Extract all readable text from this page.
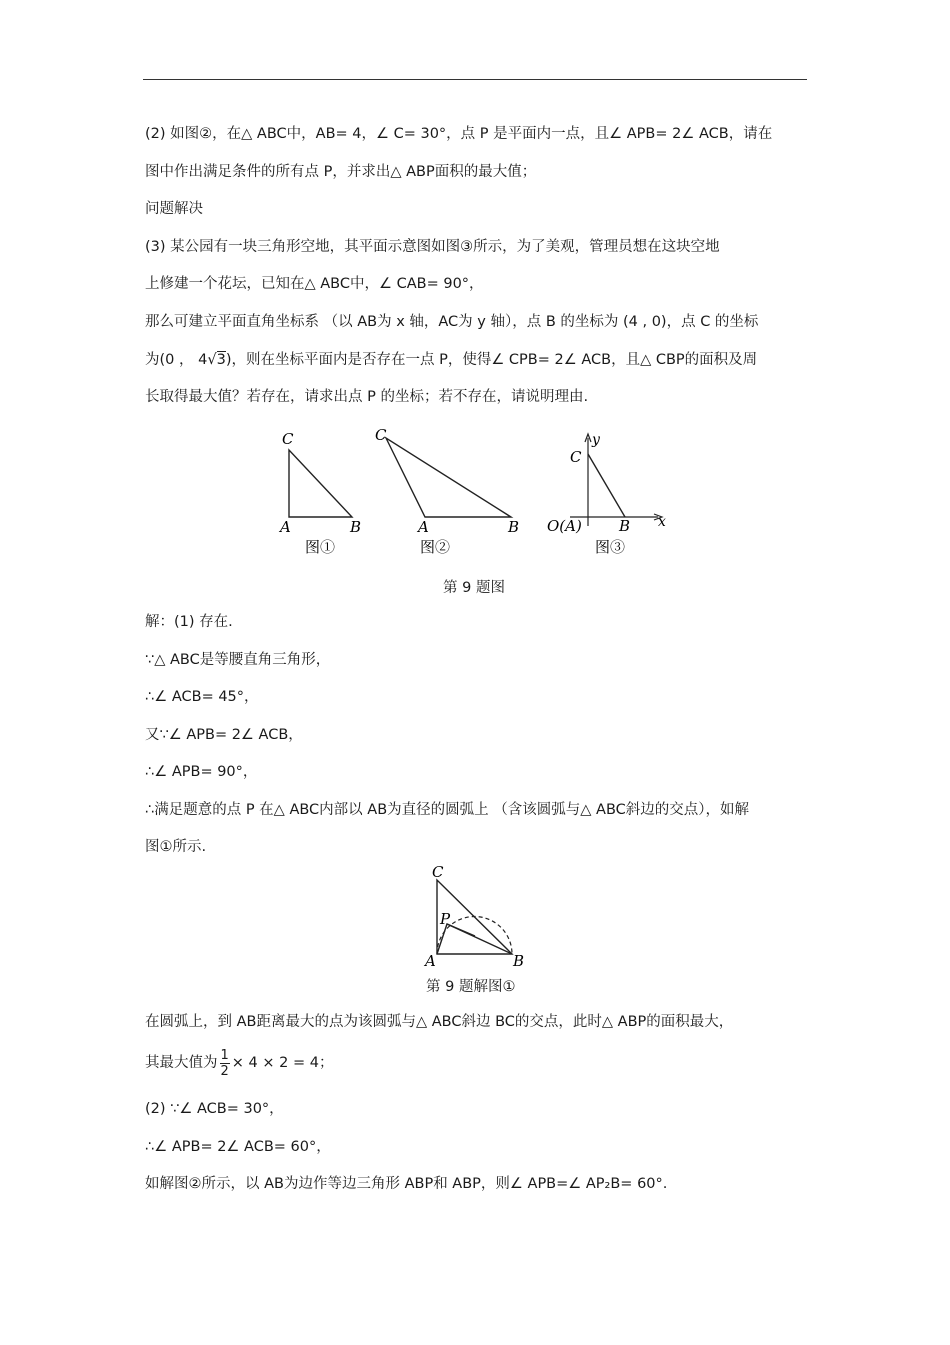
(2) 如图②，在△ ABC中，AB= 4，∠ C= 30°，点 P 是平面内一点，且∠ APB= 2∠ ACB，请在
图中作出满足条件的所有点 P，并求出△ ABP面积的最大值；
问题解决
(3) 某公园有一块三角形空地，其平面示意图如图③所示，为了美观，管理员想在这块空地
上修建一个花坛，已知在△ ABC中，∠ CAB= 90°，
那么可建立平面直角坐标系 （以 AB为 x 轴，AC为 y 轴），点 B 的坐标为 (4 , 0)，点 C 的坐标
为(0 ， 4√3)，则在坐标平面内是否存在一点 P，使得∠ CPB= 2∠ ACB，且△ CBP的面积及周
长取得最大值？若存在，请求出点 P 的坐标；若不存在，请说明理由.
C
A	B
图①
C
A	B
图②
y
C
O(A) B x
图③
第 9 题图
解：(1) 存在.
∵△ ABC是等腰直角三角形，
∴∠ ACB= 45°，
又∵∠ APB= 2∠ ACB，
∴∠ APB= 90°，
∴满足题意的点 P 在△ ABC内部以 AB为直径的圆弧上 （含该圆弧与△ ABC斜边的交点），如解
图①所示.
C
P
A	B
第 9 题解图①
在圆弧上，到 AB距离最大的点为该圆弧与△ ABC斜边 BC的交点，此时△ ABP的面积最大，
其最大值为 $\frac{1}{2} \times 4 \times 2 = 4$；
(2) ∵∠ ACB= 30°，
∴∠ APB= 2∠ ACB= 60°，
如解图②所示，以 AB为边作等边三角形 ABP和 ABP，则∠ APB=∠ AP₂B= 60°.
